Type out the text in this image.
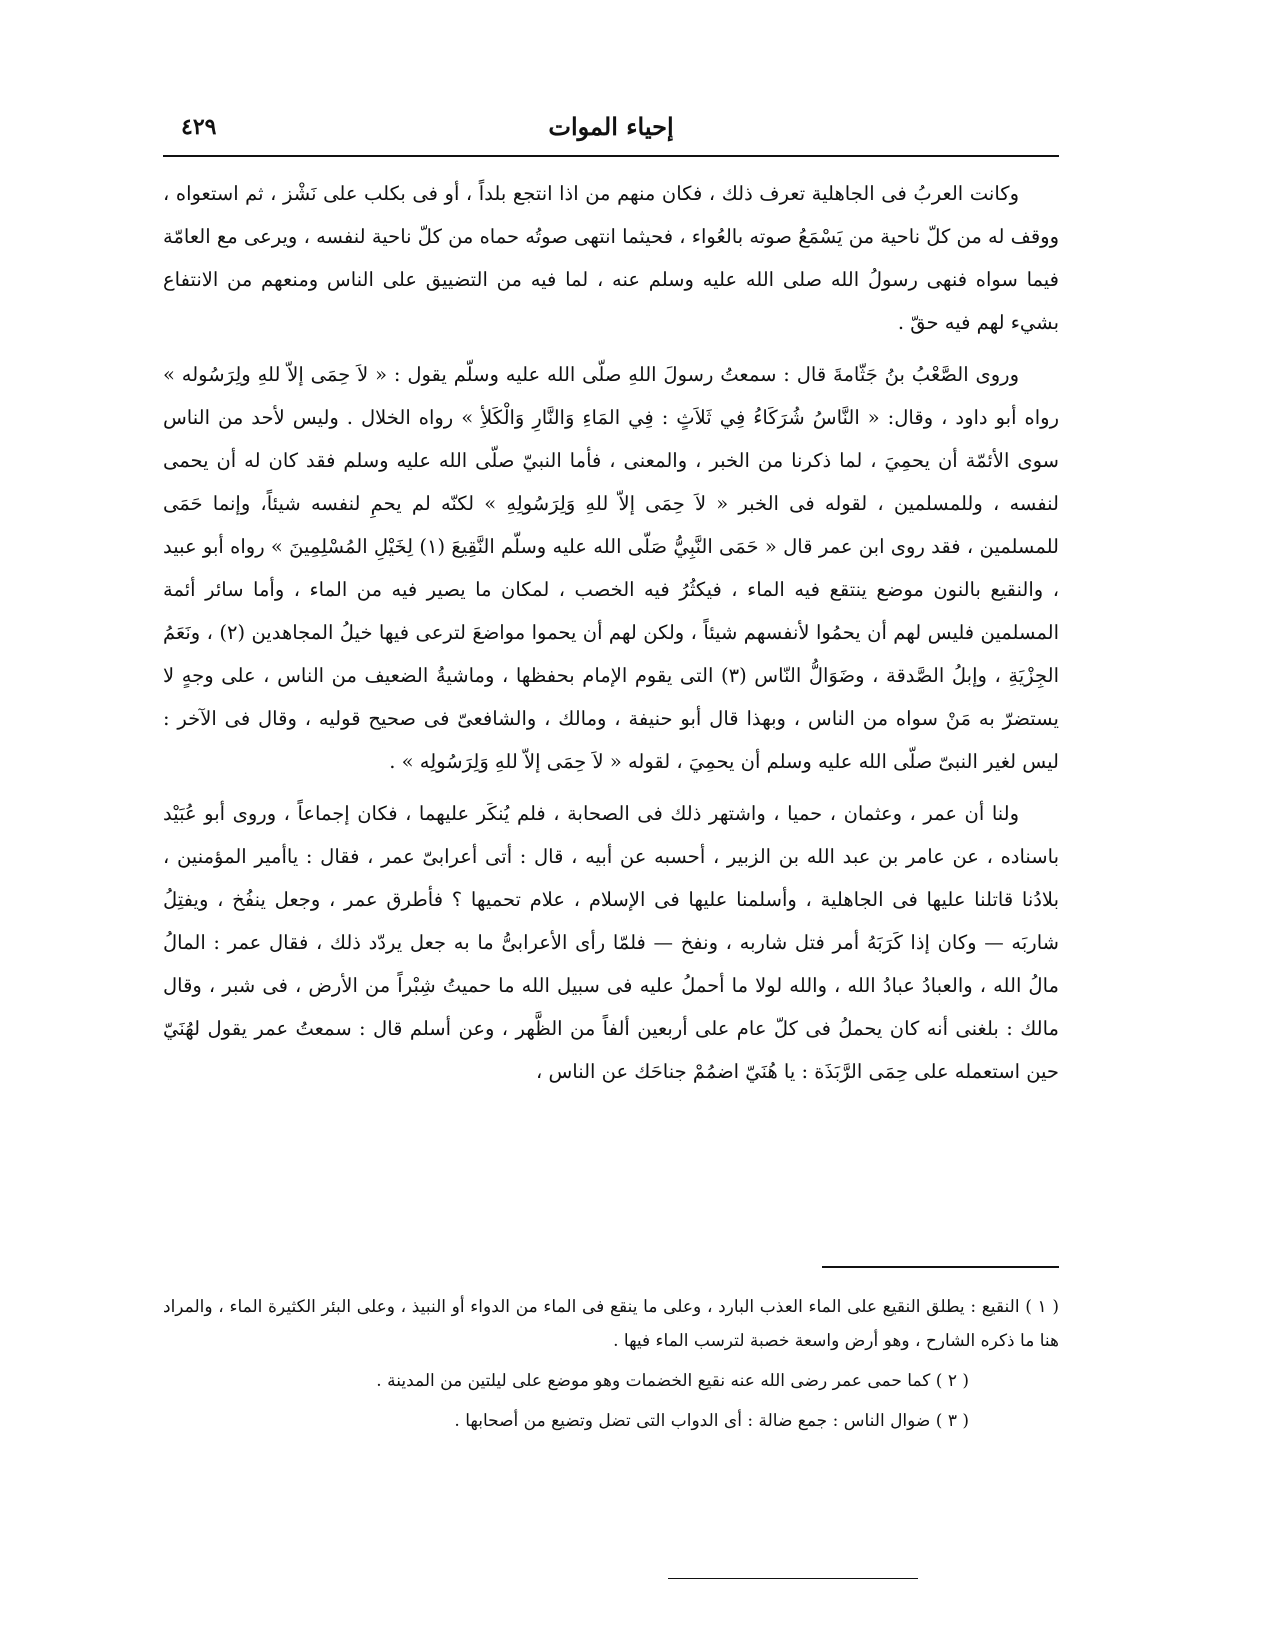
٤٢٩	إحياء الموات

وكانت العربُ فى الجاهلية تعرف ذلك ، فكان منهم من اذا انتجع بلداً ، أو فى بكلب على نَشْز ، ثم استعواه ، ووقف له من كلّ ناحية من يَسْمَعُ صوته بالعُواء ، فحيثما انتهى صوتُه حماه من كلّ ناحية لنفسه ، ويرعى مع العامّة فيما سواه فنهى رسولُ الله صلى الله عليه وسلم عنه ، لما فيه من التضييق على الناس ومنعهم من الانتفاع بشيء لهم فيه حقّ .

وروى الصَّعْبُ بنُ جَثّامةَ قال : سمعتُ رسولَ اللهِ صلّى الله عليه وسلّم يقول : « لاَ حِمَى إلاّ للهِ ولِرَسُوله » رواه أبو داود ، وقال: « النَّاسُ شُرَكَاءُ فِي ثَلاَثٍ : فِي المَاءِ وَالنَّارِ وَالْكَلأِ » رواه الخلال . وليس لأحد من الناس سوى الأئمّة أن يحمِيَ ، لما ذكرنا من الخبر ، والمعنى ، فأما النبيّ صلّى الله عليه وسلم فقد كان له أن يحمى لنفسه ، وللمسلمين ، لقوله فى الخبر « لاَ حِمَى إلاّ للهِ وَلِرَسُولِهِ » لكنّه لم يحمِ لنفسه شيئاً، وإنما حَمَى للمسلمين ، فقد روى ابن عمر قال « حَمَى النَّبِيُّ صَلّى الله عليه وسلّم النَّقِيعَ (١) لِخَيْلِ المُسْلِمِينَ » رواه أبو عبيد ، والنقيع بالنون موضع ينتقع فيه الماء ، فيكثُرُ فيه الخصب ، لمكان ما يصير فيه من الماء ، وأما سائر أئمة المسلمين فليس لهم أن يحمُوا لأنفسهم شيئاً ، ولكن لهم أن يحموا مواضعَ لترعى فيها خيلُ المجاهدين (٢) ، ونَعَمُ الجِزْيَةِ ، وإبلُ الصَّدقة ، وضَوَالُّ النّاس (٣) التى يقوم الإمام بحفظها ، وماشيةُ الضعيف من الناس ، على وجهٍ لا يستضرّ به مَنْ سواه من الناس ، وبهذا قال أبو حنيفة ، ومالك ، والشافعىّ فى صحيح قوليه ، وقال فى الآخر : ليس لغير النبىّ صلّى الله عليه وسلم أن يحمِيَ ، لقوله « لاَ حِمَى إلاّ للهِ وَلِرَسُولِه » .

ولنا أن عمر ، وعثمان ، حميا ، واشتهر ذلك فى الصحابة ، فلم يُنكَر عليهما ، فكان إجماعاً ، وروى أبو عُبَيْد باسناده ، عن عامر بن عبد الله بن الزبير ، أحسبه عن أبيه ، قال : أتى أعرابىّ عمر ، فقال : ياأمير المؤمنين ، بلادُنا قاتلنا عليها فى الجاهلية ، وأسلمنا عليها فى الإسلام ، علام تحميها ؟ فأطرق عمر ، وجعل ينفُخ ، ويفتِلُ شاربَه — وكان إذا كَرَبَهُ أمر فتل شاربه ، ونفخ — فلمّا رأى الأعرابىُّ ما به جعل يردّد ذلك ، فقال عمر : المالُ مالُ الله ، والعبادُ عبادُ الله ، والله لولا ما أحملُ عليه فى سبيل الله ما حميتُ شِبْراً من الأرض ، فى شبر ، وقال مالك : بلغنى أنه كان يحملُ فى كلّ عام على أربعين ألفاً من الظَّهر ، وعن أسلم قال : سمعتُ عمر يقول لهُنَيّ حين استعمله على حِمَى الرَّبَذَة : يا هُنَيّ اضمُمْ جناحَك عن الناس ،

( ١ ) النقيع : يطلق النقيع على الماء العذب البارد ، وعلى ما ينقع فى الماء من الدواء أو النبيذ ، وعلى البئر الكثيرة الماء ، والمراد هنا ما ذكره الشارح ، وهو أرض واسعة خصبة لترسب الماء فيها .

( ٢ ) كما حمى عمر رضى الله عنه نقيع الخضمات وهو موضع على ليلتين من المدينة .

( ٣ ) ضوال الناس : جمع ضالة : أى الدواب التى تضل وتضيع من أصحابها .
